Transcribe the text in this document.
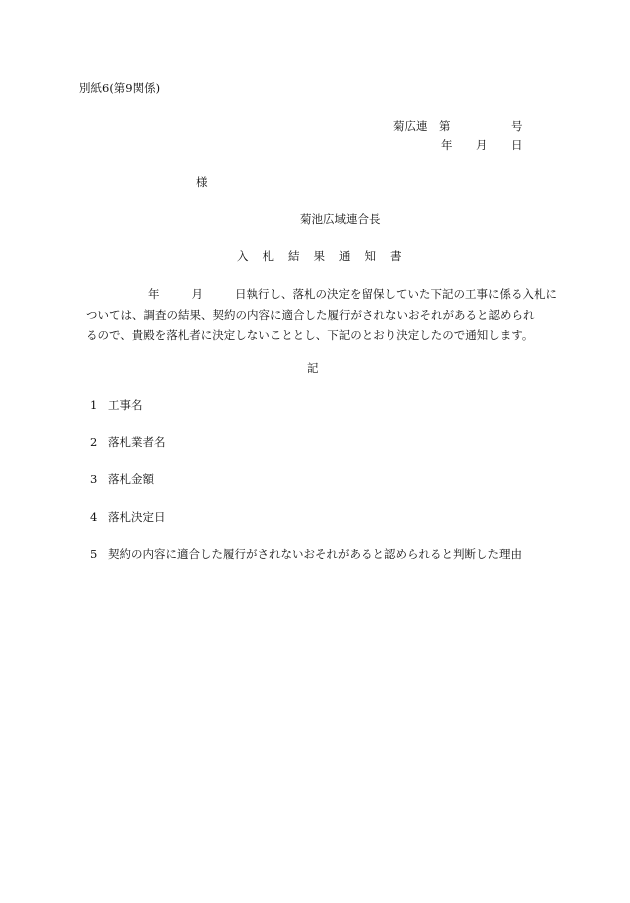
別紙6(第9関係)
菊広連 第	号
年 月 日
様
菊池広域連合長
入札結果通知書
年	月	日執行し、落札の決定を留保していた下記の工事に係る入札に
ついては、調査の結果、契約の内容に適合した履行がされないおそれがあると認められ
るので、貴殿を落札者に決定しないこととし、下記のとおり決定したので通知します。
記
1 工事名
2 落札業者名
3 落札金額
4 落札決定日
5 契約の内容に適合した履行がされないおそれがあると認められると判断した理由
